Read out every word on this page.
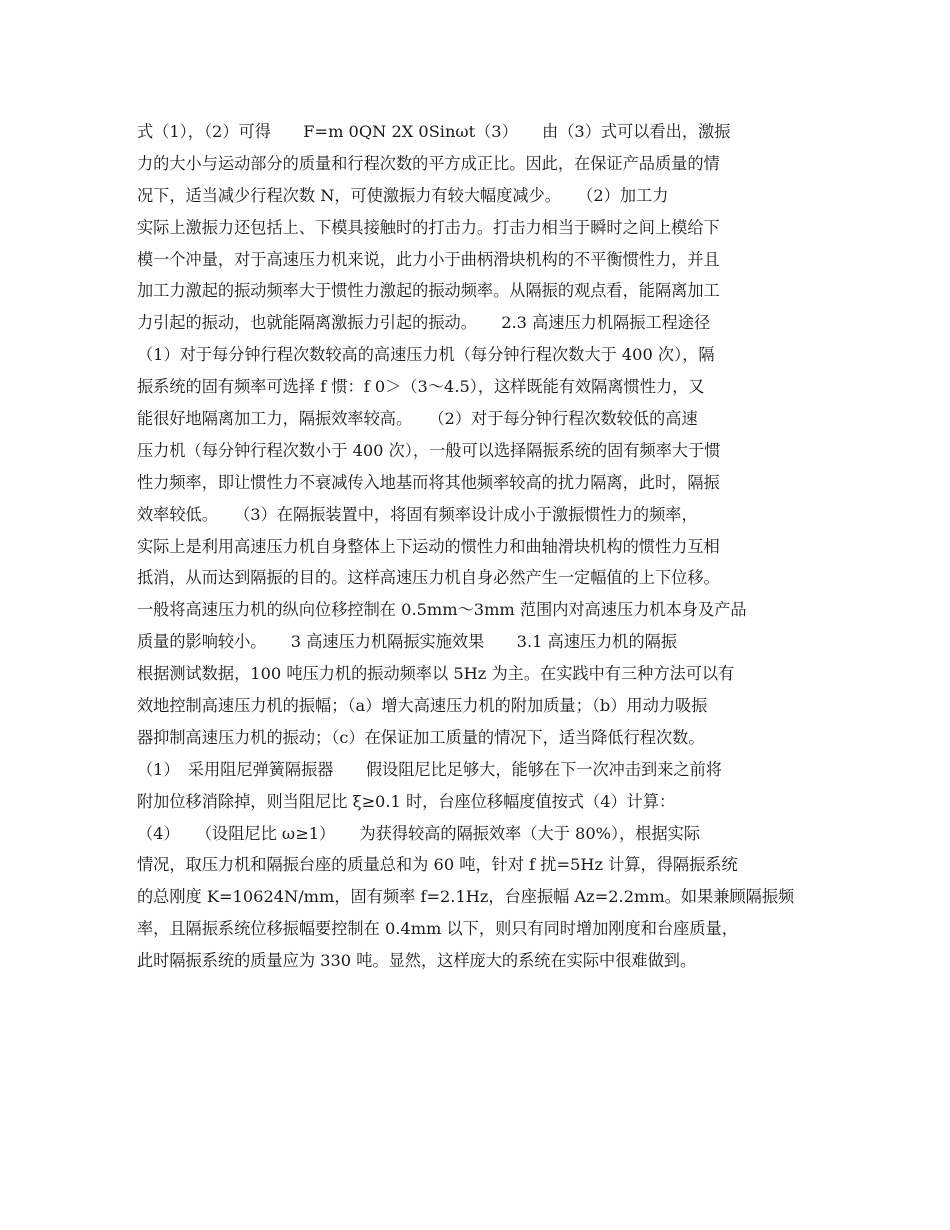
式（1），（2）可得　　F=m 0QN 2X 0Sinωt（3）　　由（3）式可以看出，激振
力的大小与运动部分的质量和行程次数的平方成正比。因此，在保证产品质量的情
况下，适当减少行程次数 N，可使激振力有较大幅度减少。　　（2）加工力
实际上激振力还包括上、下模具接触时的打击力。打击力相当于瞬时之间上模给下
模一个冲量，对于高速压力机来说，此力小于曲柄滑块机构的不平衡惯性力，并且
加工力激起的振动频率大于惯性力激起的振动频率。从隔振的观点看，能隔离加工
力引起的振动，也就能隔离激振力引起的振动。　　2.3 高速压力机隔振工程途径
（1）对于每分钟行程次数较高的高速压力机（每分钟行程次数大于 400 次），隔
振系统的固有频率可选择 f 惯：f 0＞（3～4.5），这样既能有效隔离惯性力，又
能很好地隔离加工力，隔振效率较高。　　（2）对于每分钟行程次数较低的高速
压力机（每分钟行程次数小于 400 次），一般可以选择隔振系统的固有频率大于惯
性力频率，即让惯性力不衰减传入地基而将其他频率较高的扰力隔离，此时，隔振
效率较低。　　（3）在隔振装置中，将固有频率设计成小于激振惯性力的频率，
实际上是利用高速压力机自身整体上下运动的惯性力和曲轴滑块机构的惯性力互相
抵消，从而达到隔振的目的。这样高速压力机自身必然产生一定幅值的上下位移。
一般将高速压力机的纵向位移控制在 0.5mm～3mm 范围内对高速压力机本身及产品
质量的影响较小。　　3 高速压力机隔振实施效果　　3.1 高速压力机的隔振
根据测试数据，100 吨压力机的振动频率以 5Hz 为主。在实践中有三种方法可以有
效地控制高速压力机的振幅；（a）增大高速压力机的附加质量；（b）用动力吸振
器抑制高速压力机的振动；（c）在保证加工质量的情况下，适当降低行程次数。
（1）　采用阻尼弹簧隔振器　　假设阻尼比足够大，能够在下一次冲击到来之前将
附加位移消除掉，则当阻尼比 ξ≥0.1 时，台座位移幅度值按式（4）计算：
（4）　　（设阻尼比 ω≥1）　　为获得较高的隔振效率（大于 80%），根据实际
情况，取压力机和隔振台座的质量总和为 60 吨，针对 f 扰=5Hz 计算，得隔振系统
的总刚度 K=10624N/mm，固有频率 f=2.1Hz，台座振幅 Az=2.2mm。如果兼顾隔振频
率，且隔振系统位移振幅要控制在 0.4mm 以下，则只有同时增加刚度和台座质量，
此时隔振系统的质量应为 330 吨。显然，这样庞大的系统在实际中很难做到。
